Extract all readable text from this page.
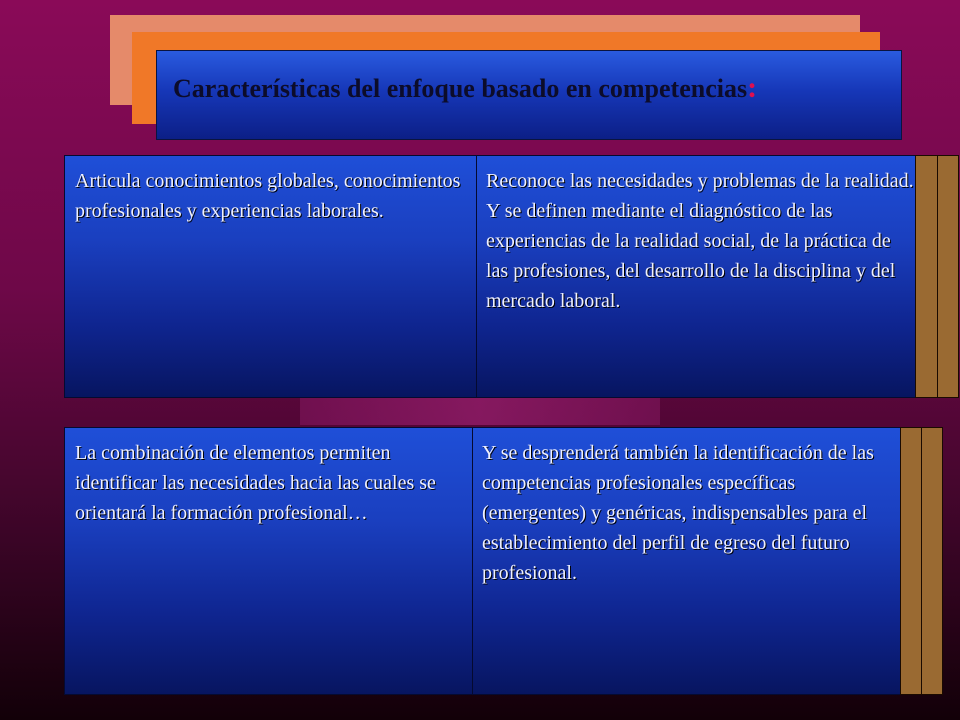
Características del enfoque basado en competencias:
Articula conocimientos globales, conocimientos profesionales y experiencias laborales.
Reconoce las necesidades y problemas de la realidad. Y se definen mediante el diagnóstico de las experiencias de la realidad social, de la práctica de las profesiones, del desarrollo de la disciplina y del mercado laboral.
La combinación de elementos permiten identificar las necesidades hacia las cuales se orientará la formación profesional…
Y se desprenderá también la identificación de las competencias profesionales específicas (emergentes) y genéricas, indispensables para el establecimiento del perfil de egreso del futuro profesional.
